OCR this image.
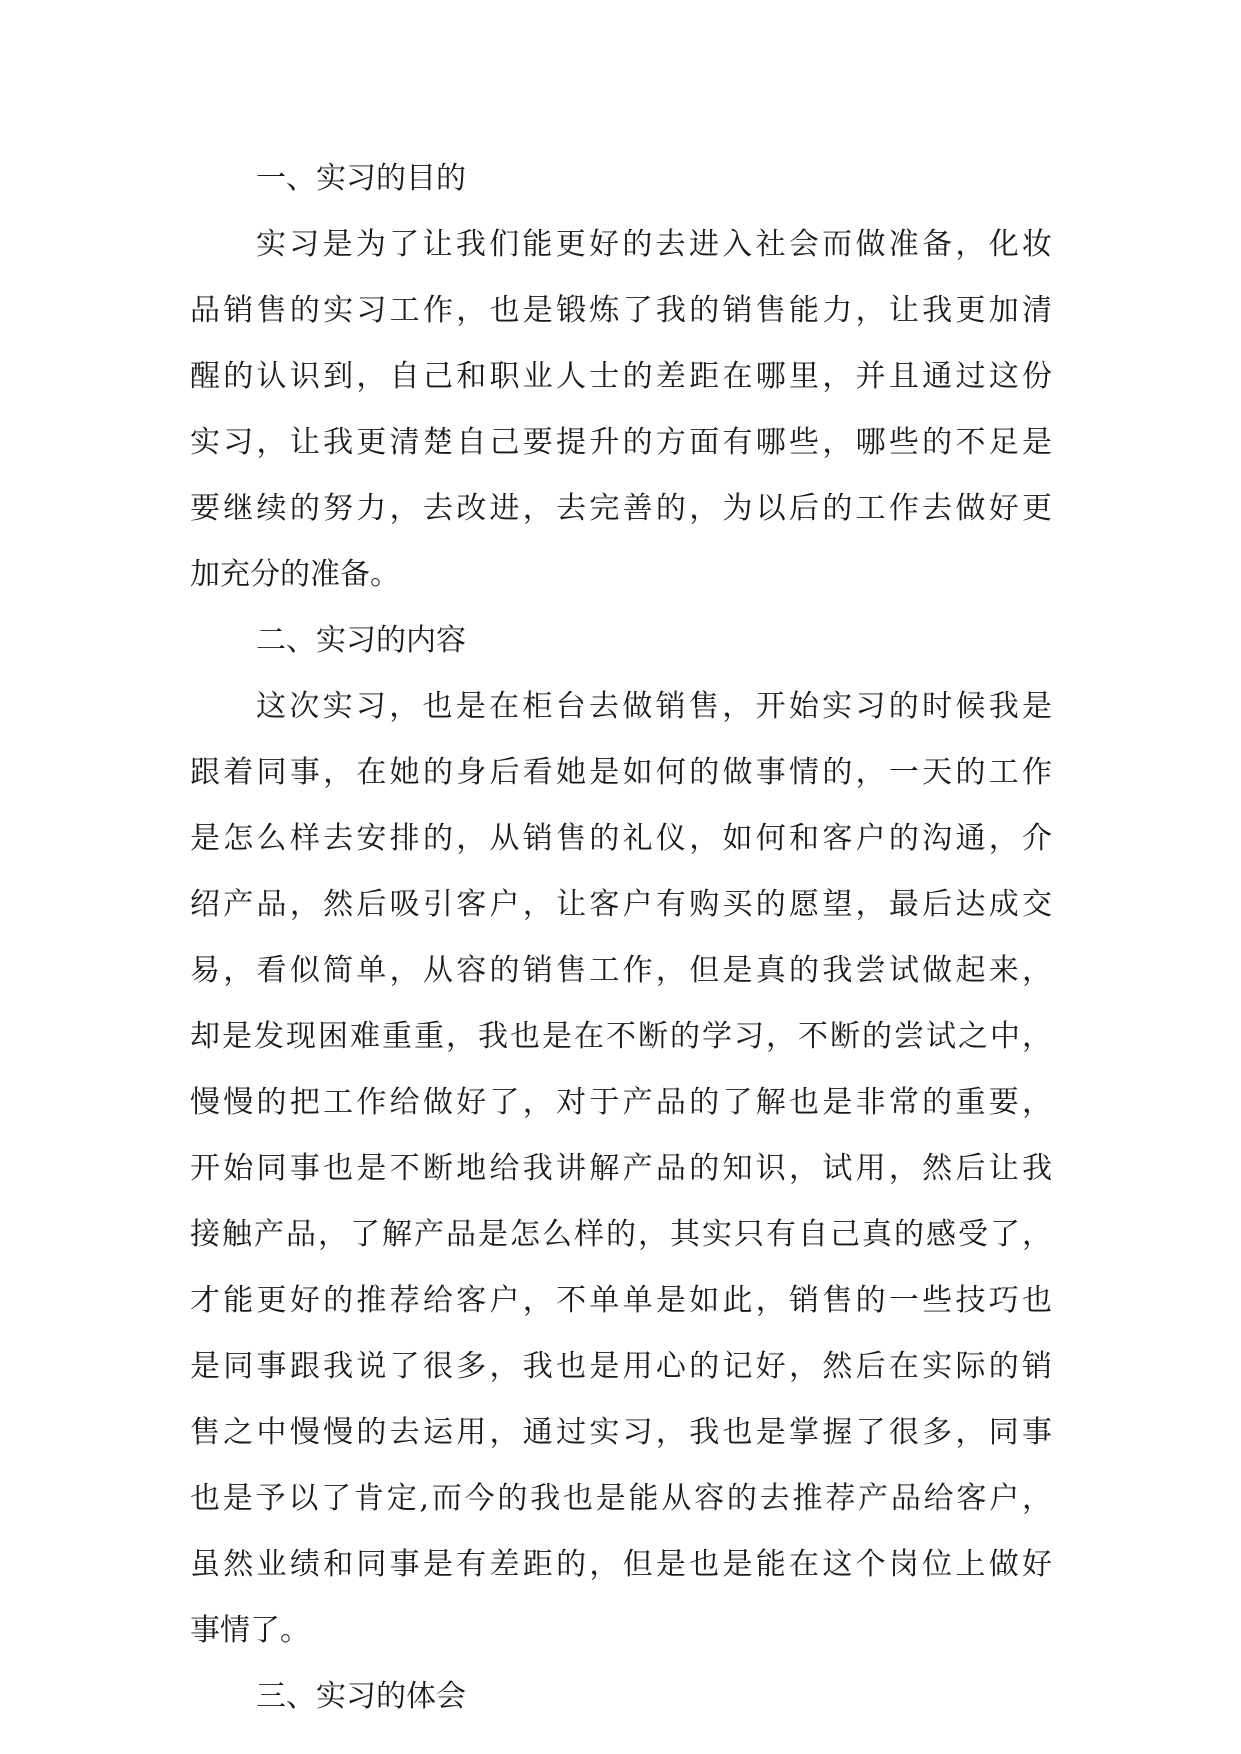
一、实习的目的
实习是为了让我们能更好的去进入社会而做准备，化妆
品销售的实习工作，也是锻炼了我的销售能力，让我更加清
醒的认识到，自己和职业人士的差距在哪里，并且通过这份
实习，让我更清楚自己要提升的方面有哪些，哪些的不足是
要继续的努力，去改进，去完善的，为以后的工作去做好更
加充分的准备。
二、实习的内容
这次实习，也是在柜台去做销售，开始实习的时候我是
跟着同事，在她的身后看她是如何的做事情的，一天的工作
是怎么样去安排的，从销售的礼仪，如何和客户的沟通，介
绍产品，然后吸引客户，让客户有购买的愿望，最后达成交
易，看似简单，从容的销售工作，但是真的我尝试做起来，
却是发现困难重重，我也是在不断的学习，不断的尝试之中，
慢慢的把工作给做好了，对于产品的了解也是非常的重要，
开始同事也是不断地给我讲解产品的知识，试用，然后让我
接触产品，了解产品是怎么样的，其实只有自己真的感受了，
才能更好的推荐给客户，不单单是如此，销售的一些技巧也
是同事跟我说了很多，我也是用心的记好，然后在实际的销
售之中慢慢的去运用，通过实习，我也是掌握了很多，同事
也是予以了肯定,而今的我也是能从容的去推荐产品给客户，
虽然业绩和同事是有差距的，但是也是能在这个岗位上做好
事情了。
三、实习的体会
